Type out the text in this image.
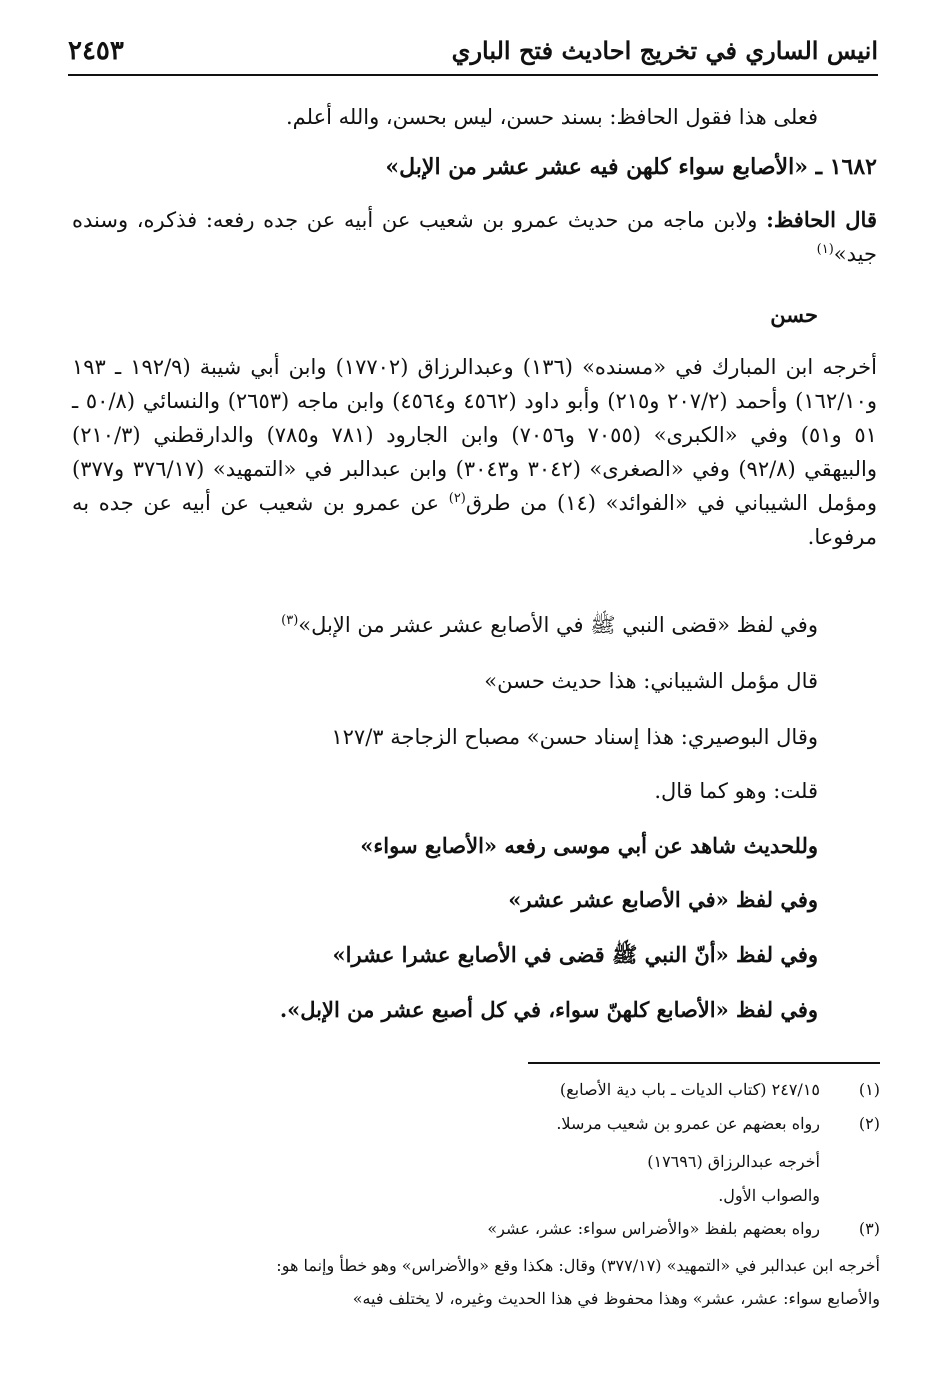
انيس الساري في تخريج احاديث فتح الباري
٢٤٥٣

فعلى هذا فقول الحافظ: بسند حسن، ليس بحسن، والله أعلم.

١٦٨٢ ـ «الأصابع سواء كلهن فيه عشر عشر من الإبل»

قال الحافظ: ولابن ماجه من حديث عمرو بن شعيب عن أبيه عن جده رفعه: فذكره، وسنده جيد»$^{(١)}$

حسن

أخرجه ابن المبارك في «مسنده» (١٣٦) وعبدالرزاق (١٧٧٠٢) وابن أبي شيبة (١٩٢/٩ ـ ١٩٣ و١٦٢/١٠) وأحمد (٢٠٧/٢ و٢١٥) وأبو داود (٤٥٦٢ و٤٥٦٤) وابن ماجه (٢٦٥٣) والنسائي (٥٠/٨ ـ ٥١ و٥١) وفي «الكبرى» (٧٠٥٥ و٧٠٥٦) وابن الجارود (٧٨١ و٧٨٥) والدارقطني (٢١٠/٣) والبيهقي (٩٢/٨) وفي «الصغرى» (٣٠٤٢ و٣٠٤٣) وابن عبدالبر في «التمهيد» (٣٧٦/١٧ و٣٧٧) ومؤمل الشيباني في «الفوائد» (١٤) من طرق$^{(٢)}$ عن عمرو بن شعيب عن أبيه عن جده به مرفوعا.

وفي لفظ «قضى النبي ﷺ في الأصابع عشر عشر من الإبل»$^{(٣)}$

قال مؤمل الشيباني: هذا حديث حسن»

وقال البوصيري: هذا إسناد حسن» مصباح الزجاجة ١٢٧/٣

قلت: وهو كما قال.

وللحديث شاهد عن أبي موسى رفعه «الأصابع سواء»

وفي لفظ «في الأصابع عشر عشر»

وفي لفظ «أنّ النبي ﷺ قضى في الأصابع عشرا عشرا»

وفي لفظ «الأصابع كلهنّ سواء، في كل أصبع عشر من الإبل».

(١)
٢٤٧/١٥ (كتاب الديات ـ باب دية الأصابع)
(٢)
رواه بعضهم عن عمرو بن شعيب مرسلا.
أخرجه عبدالرزاق (١٧٦٩٦)
والصواب الأول.
(٣)
رواه بعضهم بلفظ «والأضراس سواء: عشر، عشر»
أخرجه ابن عبدالبر في «التمهيد» (٣٧٧/١٧) وقال: هكذا وقع «والأضراس» وهو خطأ وإنما هو:
والأصابع سواء: عشر، عشر» وهذا محفوظ في هذا الحديث وغيره، لا يختلف فيه»
